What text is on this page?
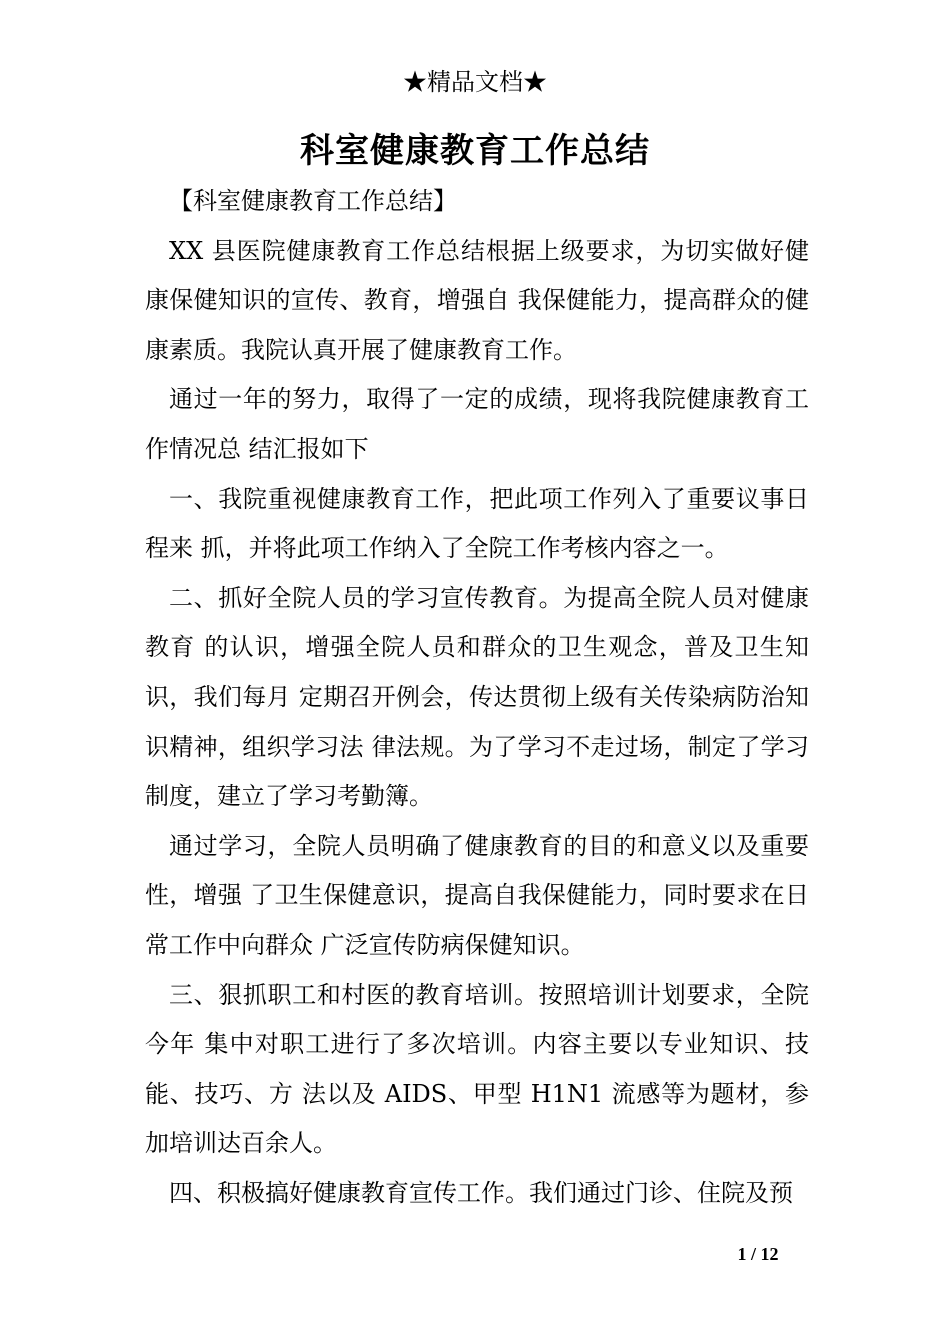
★精品文档★
科室健康教育工作总结

【科室健康教育工作总结】

XX 县医院健康教育工作总结根据上级要求，为切实做好健康保健知识的宣传、教育，增强自 我保健能力，提高群众的健康素质。我院认真开展了健康教育工作。

通过一年的努力，取得了一定的成绩，现将我院健康教育工作情况总 结汇报如下

一、我院重视健康教育工作，把此项工作列入了重要议事日程来 抓，并将此项工作纳入了全院工作考核内容之一。

二、抓好全院人员的学习宣传教育。为提高全院人员对健康教育 的认识，增强全院人员和群众的卫生观念，普及卫生知识，我们每月 定期召开例会，传达贯彻上级有关传染病防治知识精神，组织学习法 律法规。为了学习不走过场，制定了学习制度，建立了学习考勤簿。

通过学习，全院人员明确了健康教育的目的和意义以及重要性，增强 了卫生保健意识，提高自我保健能力，同时要求在日常工作中向群众 广泛宣传防病保健知识。

三、狠抓职工和村医的教育培训。按照培训计划要求，全院今年 集中对职工进行了多次培训。内容主要以专业知识、技能、技巧、方 法以及 AIDS、甲型 H1N1 流感等为题材，参加培训达百余人。

四、积极搞好健康教育宣传工作。我们通过门诊、住院及预

1 / 12
